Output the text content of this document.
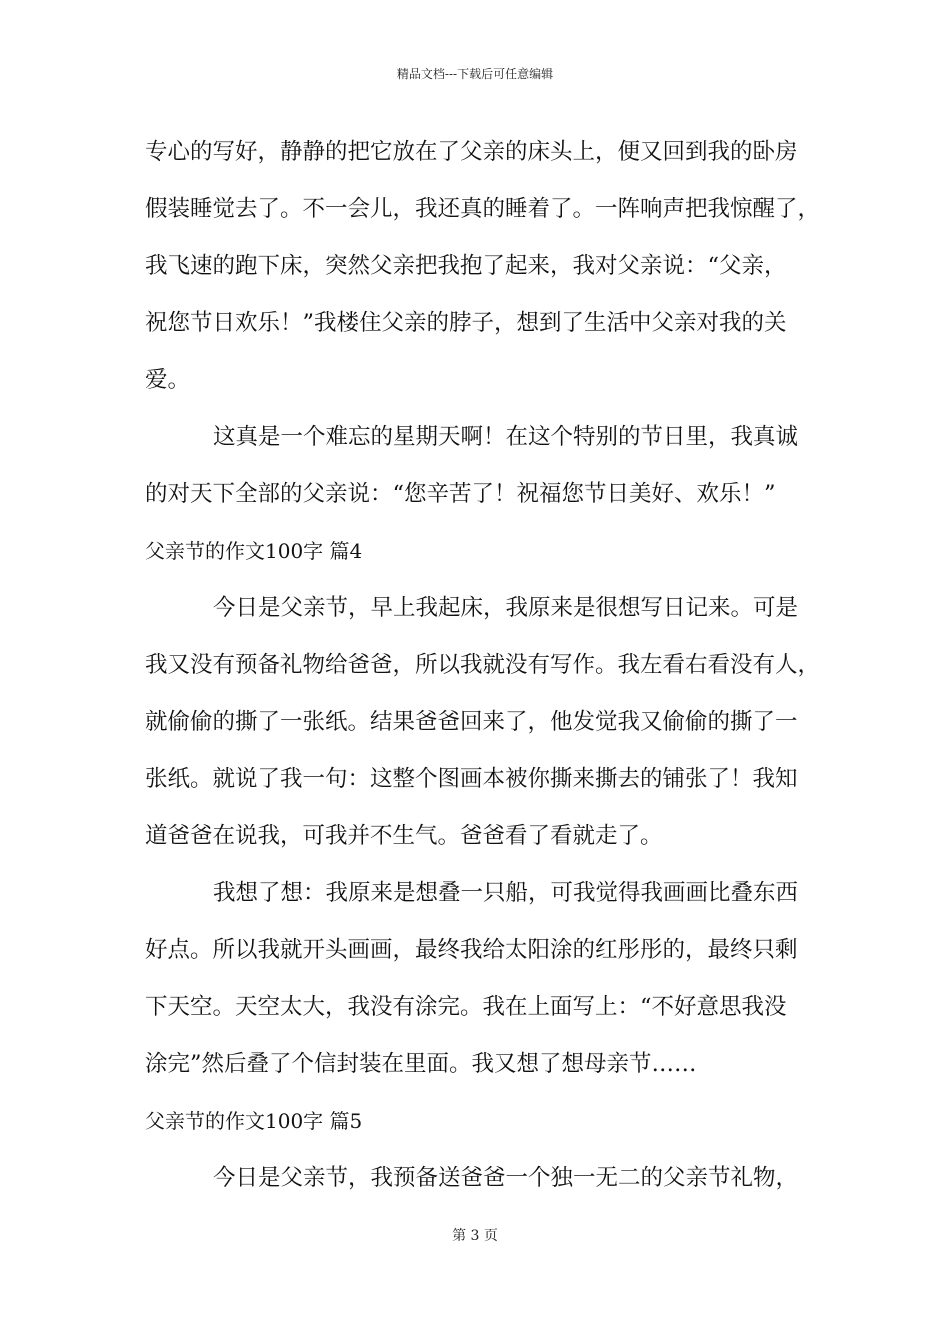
精品文档---下载后可任意编辑
专心的写好，静静的把它放在了父亲的床头上，便又回到我的卧房
假装睡觉去了。不一会儿，我还真的睡着了。一阵响声把我惊醒了，
我飞速的跑下床，突然父亲把我抱了起来，我对父亲说：“父亲，
祝您节日欢乐！”我楼住父亲的脖子，想到了生活中父亲对我的关
爱。
这真是一个难忘的星期天啊！在这个特别的节日里，我真诚
的对天下全部的父亲说：“您辛苦了！祝福您节日美好、欢乐！”
父亲节的作文100字 篇4
今日是父亲节，早上我起床，我原来是很想写日记来。可是
我又没有预备礼物给爸爸，所以我就没有写作。我左看右看没有人，
就偷偷的撕了一张纸。结果爸爸回来了，他发觉我又偷偷的撕了一
张纸。就说了我一句：这整个图画本被你撕来撕去的铺张了！我知
道爸爸在说我，可我并不生气。爸爸看了看就走了。
我想了想：我原来是想叠一只船，可我觉得我画画比叠东西
好点。所以我就开头画画，最终我给太阳涂的红彤彤的，最终只剩
下天空。天空太大，我没有涂完。我在上面写上：“不好意思我没
涂完”然后叠了个信封装在里面。我又想了想母亲节……
父亲节的作文100字 篇5
今日是父亲节，我预备送爸爸一个独一无二的父亲节礼物，
第 3 页
